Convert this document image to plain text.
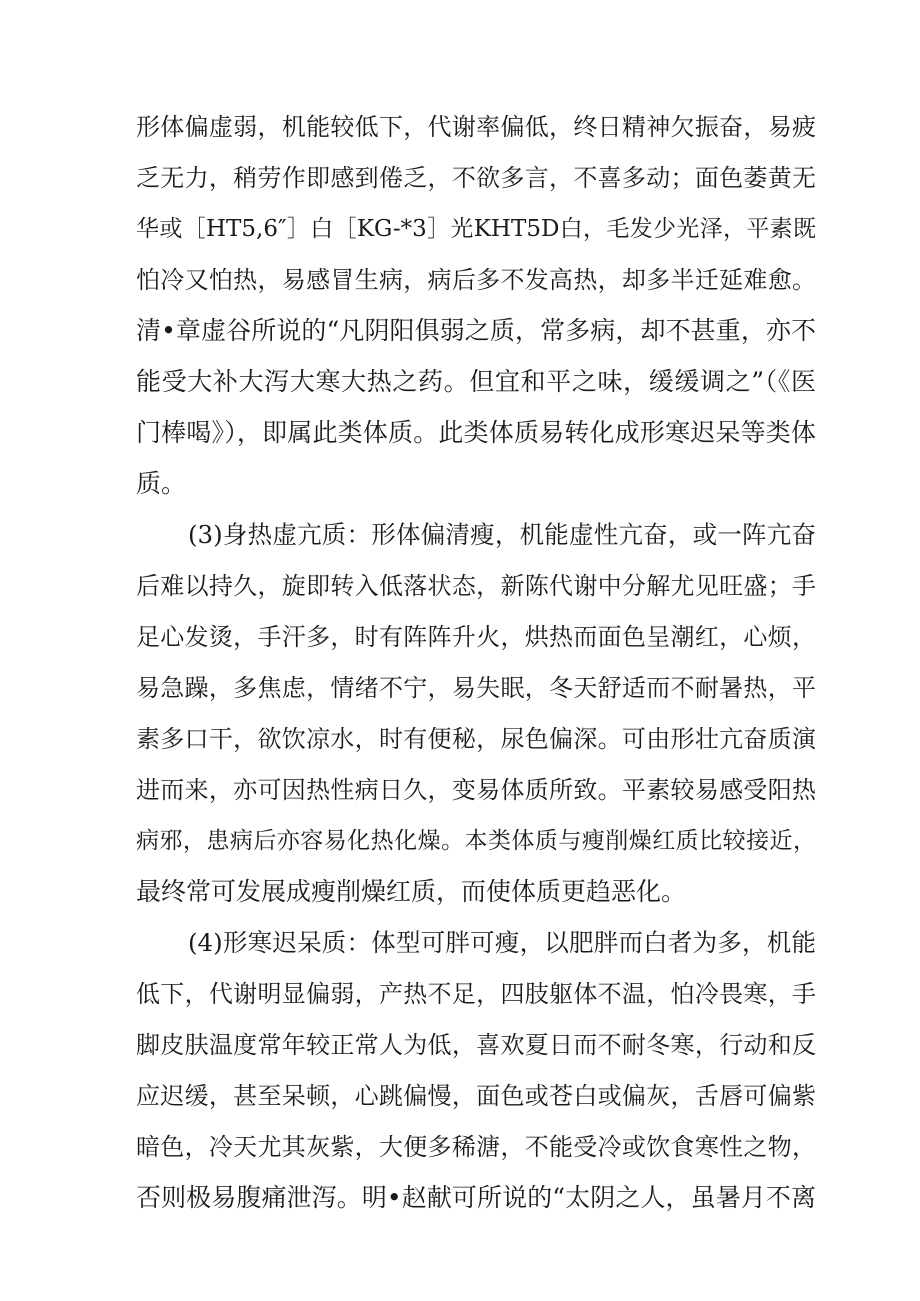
形体偏虚弱，机能较低下，代谢率偏低，终日精神欠振奋，易疲
乏无力，稍劳作即感到倦乏，不欲多言，不喜多动；面色萎黄无
华或［HT5,6″］白［KG-*3］光KHT5D白，毛发少光泽，平素既
怕冷又怕热，易感冒生病，病后多不发高热，却多半迁延难愈。
清•章虚谷所说的“凡阴阳俱弱之质，常多病，却不甚重，亦不
能受大补大泻大寒大热之药。但宜和平之味，缓缓调之”（《医
门棒喝》），即属此类体质。此类体质易转化成形寒迟呆等类体
质。
(3)身热虚亢质：形体偏清瘦，机能虚性亢奋，或一阵亢奋
后难以持久，旋即转入低落状态，新陈代谢中分解尤见旺盛；手
足心发烫，手汗多，时有阵阵升火，烘热而面色呈潮红，心烦，
易急躁，多焦虑，情绪不宁，易失眠，冬天舒适而不耐暑热，平
素多口干，欲饮凉水，时有便秘，尿色偏深。可由形壮亢奋质演
进而来，亦可因热性病日久，变易体质所致。平素较易感受阳热
病邪，患病后亦容易化热化燥。本类体质与瘦削燥红质比较接近，
最终常可发展成瘦削燥红质，而使体质更趋恶化。
(4)形寒迟呆质：体型可胖可瘦，以肥胖而白者为多，机能
低下，代谢明显偏弱，产热不足，四肢躯体不温，怕冷畏寒，手
脚皮肤温度常年较正常人为低，喜欢夏日而不耐冬寒，行动和反
应迟缓，甚至呆顿，心跳偏慢，面色或苍白或偏灰，舌唇可偏紫
暗色，冷天尤其灰紫，大便多稀溏，不能受冷或饮食寒性之物，
否则极易腹痛泄泻。明•赵献可所说的“太阴之人，虽暑月不离
